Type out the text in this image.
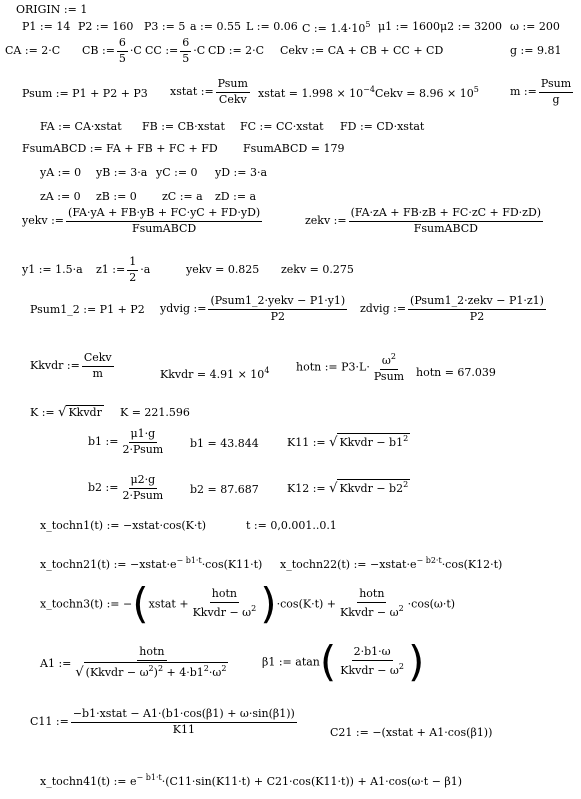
ORIGIN := 1
P1 := 14 P2 := 160 P3 := 5 a := 0.55 L := 0.06 C := $1.4\cdot 10^5$ μ1 := 1600 μ2 := 3200 ω := 200
CA := 2·C CB := $\frac{6}{5} \cdot C$ CC := $\frac{6}{5} \cdot C$ CD := 2·C Cekv := CA + CB + CC + CD	g := 9.81
Psum := P1 + P2 + P3 xstat := $\frac{\text{Psum}}{\text{Cekv}}$ xstat = $1.998 \times 10^{-4}$ Cekv = $8.96 \times 10^5$	m := $\frac{\text{Psum}}{g}$
FA := CA·xstat FB := CB·xstat FC := CC·xstat FD := CD·xstat
FsumABCD := FA + FB + FC + FD FsumABCD = 179
yA := 0 yB := 3·a yC := 0 yD := 3·a
zA := 0 zB := 0 zC := a zD := a
yekv := $\frac{(FA\cdot yA + FB\cdot yB + FC\cdot yC + FD\cdot yD)}{\text{FsumABCD}}$	zekv := $\frac{(FA\cdot zA + FB\cdot zB + FC\cdot zC + FD\cdot zD)}{\text{FsumABCD}}$
y1 := 1.5·a z1 := $\frac{1}{2} \cdot a$	yekv = 0.825 zekv = 0.275
Psum1_2 := P1 + P2 ydvig := $\frac{\text{(Psum1\_2·yekv − P1·y1)}}{P2}$ zdvig := $\frac{\text{(Psum1\_2·zekv − P1·z1)}}{P2}$
Kkvdr := $\frac{\text{Cekv}}{m}$	Kkvdr = $4.91 \times 10^4$ hotn := $P3\cdot L\cdot \frac{\omega^2}{\text{Psum}}$ hotn = 67.039
K := √ Kkvdr K = 221.596
b1 := $\frac{\mu 1\cdot g}{\text{2·Psum}} b1 = 43.844$	K11 := √ Kkvdr − $b1^2$
b2 := $\frac{\mu 2\cdot g}{\text{2·Psum}} b2 = 87.687$	K12 := √ Kkvdr − $b2^2$
x_tochn1(t) := −xstat·cos(K·t)	t := 0,0.001..0.1
x_tochn21(t) := $-xstat\cdot e^{- b1\cdot t}\cdot\cos(K11\cdot t)$ x_tochn22(t) := $-xstat\cdot e^{- b2\cdot t}\cdot\cos(K12\cdot t)$
x_tochn3(t) := −(xstat + $\frac{\text{hotn}}{Kkvdr - \omega^2} )\cdot\cos(K\cdot t) + \frac{\text{hotn}}{Kkvdr - \omega^2} \cdot\cos(\omega\cdot t)$
A1 := $\frac{\text{hotn}}{√ (Kkvdr - \omega^2)^2 + 4\cdot b1^2\cdot\omega^2}$	β1 := $atan( \frac{2\cdot b1\cdot\omega}{Kkvdr - \omega^2}$ )
C11 := $\frac{\text{−b1·xstat − A1·(b1·cos(β1) + ω·sin(β1))}}{K11}$	C21 := −(xstat + A1·cos(β1))
x_tochn41(t) := $e^{- b1\cdot t}\cdot(C11\cdot\sin(K11\cdot t) + C21\cdot\cos(K11\cdot t)) + A1\cdot\cos(\omega\cdot t - \beta 1)$
